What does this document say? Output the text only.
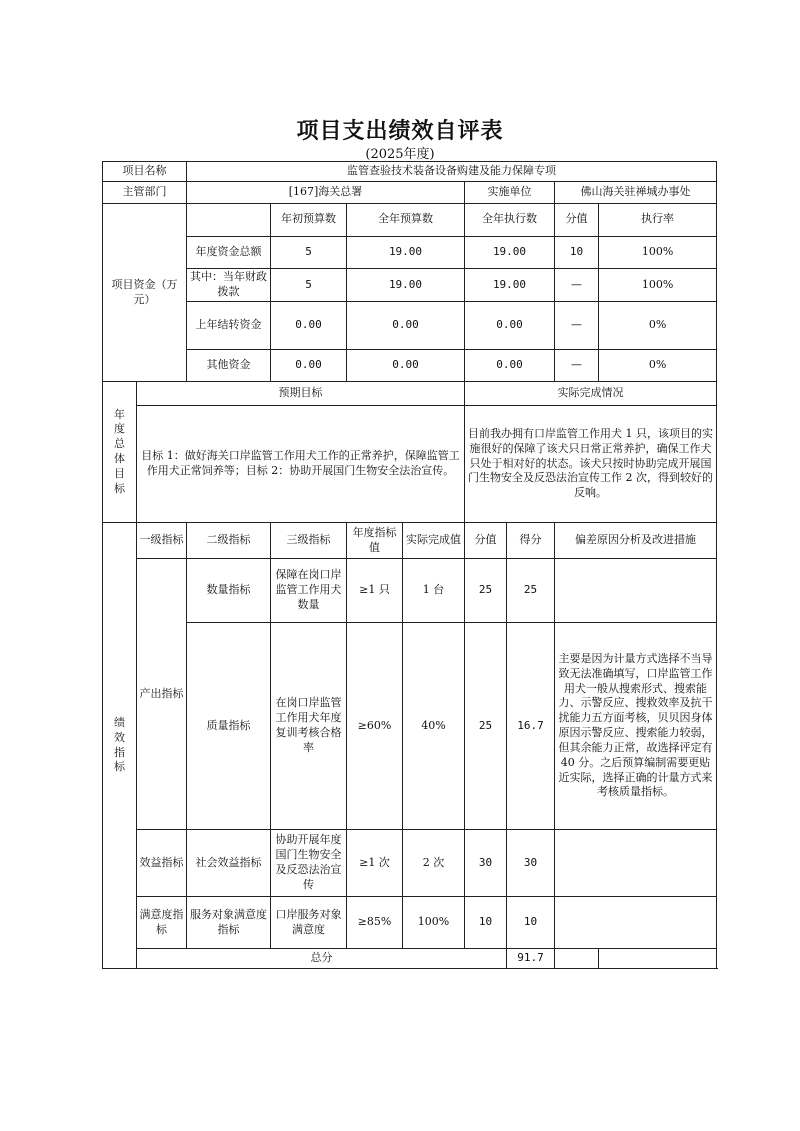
项目支出绩效自评表
(2025年度)
项目名称		监管查验技术装备设备购建及能力保障专项								
主管部门		[167]海关总署				实施单位		佛山海关驻禅城办事处		
项目资金（万元）			年初预算数	全年预算数		全年执行数		分值	执行率	
		年度资金总额	5	19.00		19.00		10	100%	
		其中：当年财政拨款	5	19.00		19.00		—	100%	
		上年结转资金	0.00	0.00		0.00		—	0%	
		其他资金	0.00	0.00		0.00		—	0%	
年度总体目标	预期目标					实际完成情况				
	目标 1：做好海关口岸监管工作用犬工作的正常养护，保障监管工作用犬正常饲养等；目标 2：协助开展国门生物安全法治宣传。					目前我办拥有口岸监管工作用犬 1 只，该项目的实施很好的保障了该犬只日常正常养护，确保工作犬只处于相对好的状态。该犬只按时协助完成开展国门生物安全及反恐法治宣传工作 2 次，得到较好的反响。				
绩效指标	一级指标	二级指标	三级指标	年度指标值	实际完成值	分值	得分	偏差原因分析及改进措施		
	产出指标	数量指标	保障在岗口岸监管工作用犬数量	≥1 只	1 台	25	25			
		质量指标	在岗口岸监管工作用犬年度复训考核合格率	≥60%	40%	25	16.7	主要是因为计量方式选择不当导致无法准确填写，口岸监管工作用犬一般从搜索形式、搜索能力、示警反应、搜救效率及抗干扰能力五方面考核，贝贝因身体原因示警反应、搜索能力较弱，但其余能力正常，故选择评定有 40 分。之后预算编制需要更贴近实际，选择正确的计量方式来考核质量指标。		
	效益指标	社会效益指标	协助开展年度国门生物安全及反恐法治宣传	≥1 次	2 次	30	30			
	满意度指标	服务对象满意度指标	口岸服务对象满意度	≥85%	100%	10	10			
	总分						91.7			
